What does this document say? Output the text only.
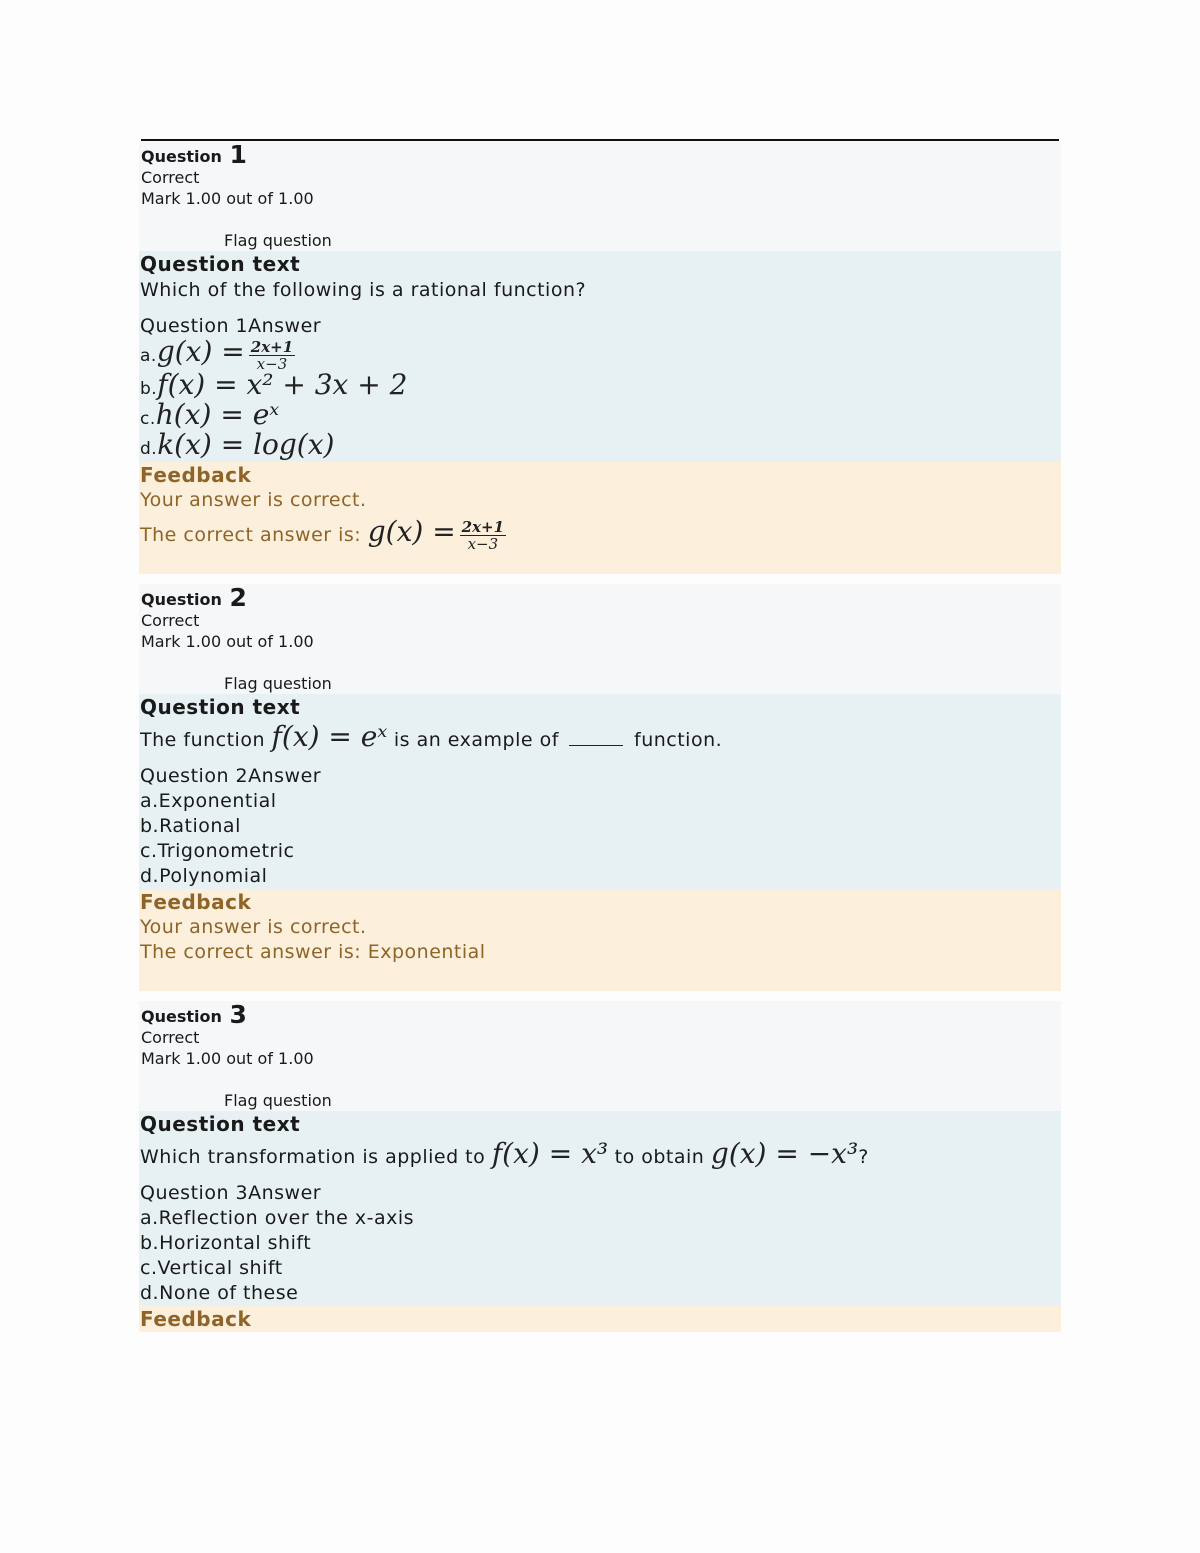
Question 1
Correct
Mark 1.00 out of 1.00
Flag question
Question text
Which of the following is a rational function?
Question 1Answer
$a.g(x) = \frac{2x+1}{x-3}$
b.f(x) = x² + 3x + 2
c.h(x) = eˣ
d.k(x) = log(x)
Feedback
Your answer is correct.
The correct answer is: $g(x) = \frac{2x+1}{x-3}$
Question 2
Correct
Mark 1.00 out of 1.00
Flag question
Question text
The function f(x) = eˣ is an example of	function.
Question 2Answer
a.Exponential
b.Rational
c.Trigonometric
d.Polynomial
Feedback
Your answer is correct.
The correct answer is: Exponential
Question 3
Correct
Mark 1.00 out of 1.00
Flag question
Question text
Which transformation is applied to f(x) = x³ to obtain g(x) = −x³?
Question 3Answer
a.Reflection over the x-axis
b.Horizontal shift
c.Vertical shift
d.None of these
Feedback
